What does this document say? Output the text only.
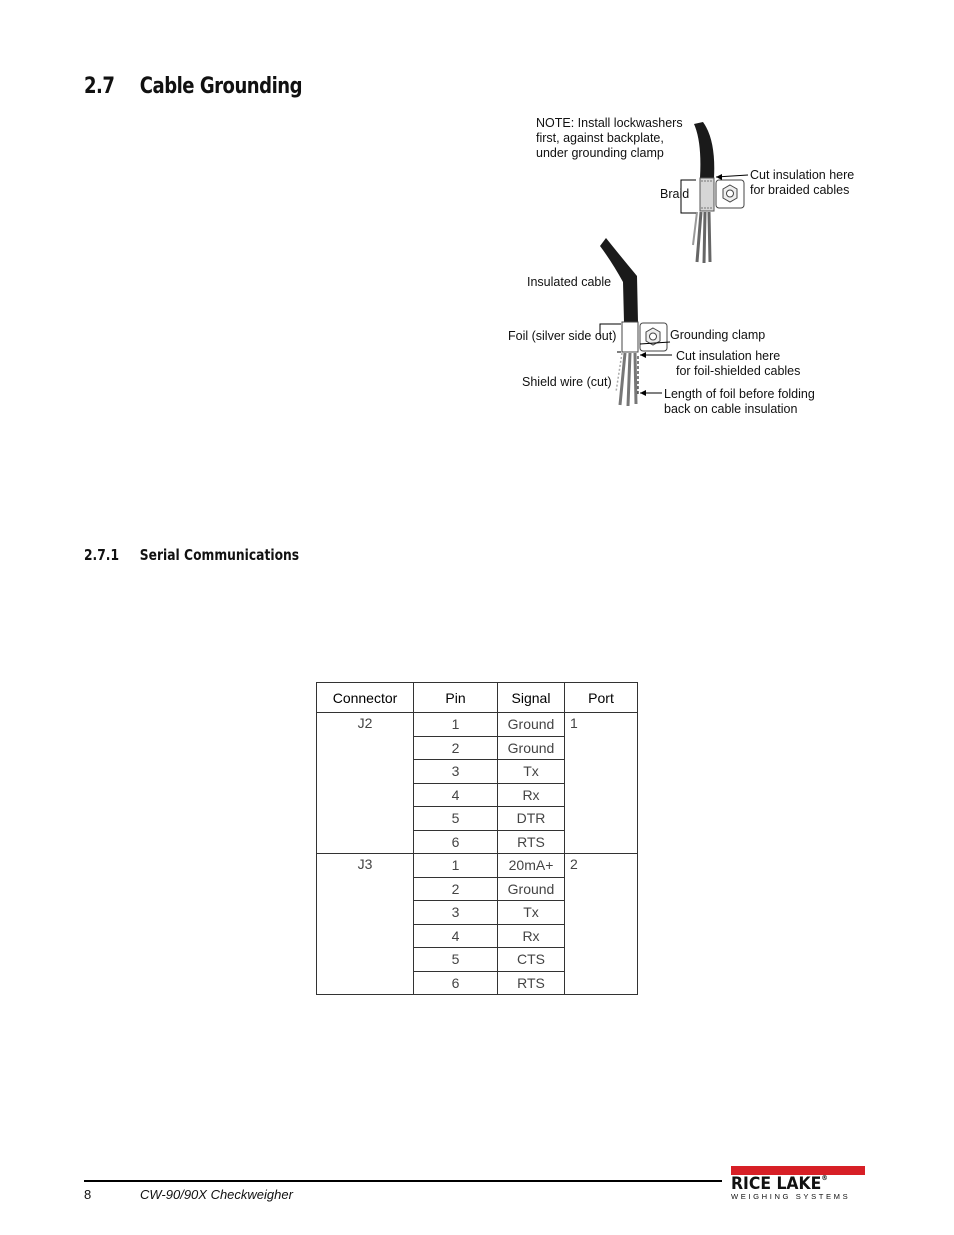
2.7 Cable Grounding
NOTE: Install lockwashers
first, against backplate,
under grounding clamp
Braid
Cut insulation here
for braided cables
Insulated cable
Foil (silver side out)	Grounding clamp
Cut insulation here
for foil-shielded cables
Shield wire (cut)
Length of foil before folding
back on cable insulation
2.7.1 Serial Communications
Connector	Pin	Signal	Port
J2	1	Ground	1
	2	Ground	
	3	Tx	
	4	Rx	
	5	DTR	
	6	RTS	
J3	1	20mA+	2
	2	Ground	
	3	Tx	
	4	Rx	
	5	CTS	
	6	RTS	
8	CW-90/90X Checkweigher
RICE LAKE®
WEIGHING SYSTEMS
